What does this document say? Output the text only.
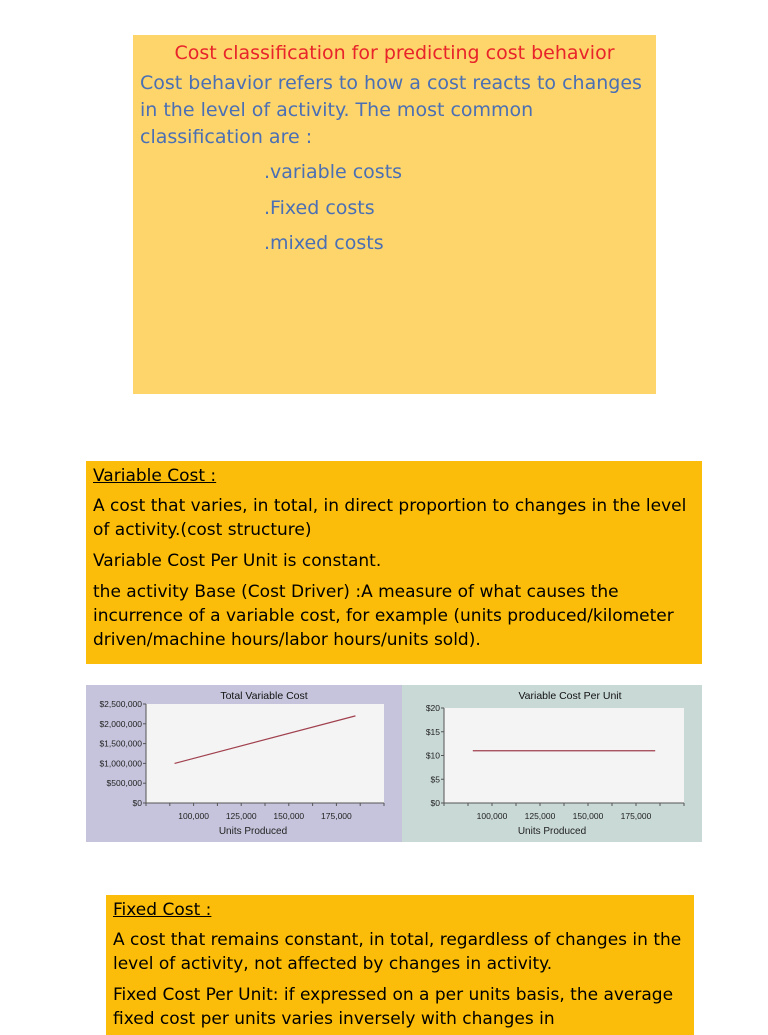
Cost classification for predicting cost behavior
Cost behavior refers to how a cost reacts to changes in the level of activity. The most common classification are :
.variable costs
.Fixed costs
.mixed costs
Variable Cost :

A cost that varies, in total, in direct proportion to changes in the level of activity.(cost structure)

Variable Cost Per Unit is constant.

the activity Base (Cost Driver) :A measure of what causes the incurrence of a variable cost, for example (units produced/kilometer driven/machine hours/labor hours/units sold).

Total Variable Cost
$0
$500,000
$1,000,000
$1,500,000
$2,000,000
$2,500,000
100,000 125,000 150,000 175,000
Units Produced
Variable Cost Per Unit
$0
$5
$10
$15
$20
100,000 125,000 150,000 175,000
Units Produced
Fixed Cost :

A cost that remains constant, in total, regardless of changes in the level of activity, not affected by changes in activity.

Fixed Cost Per Unit: if expressed on a per units basis, the average fixed cost per units varies inversely with changes in
